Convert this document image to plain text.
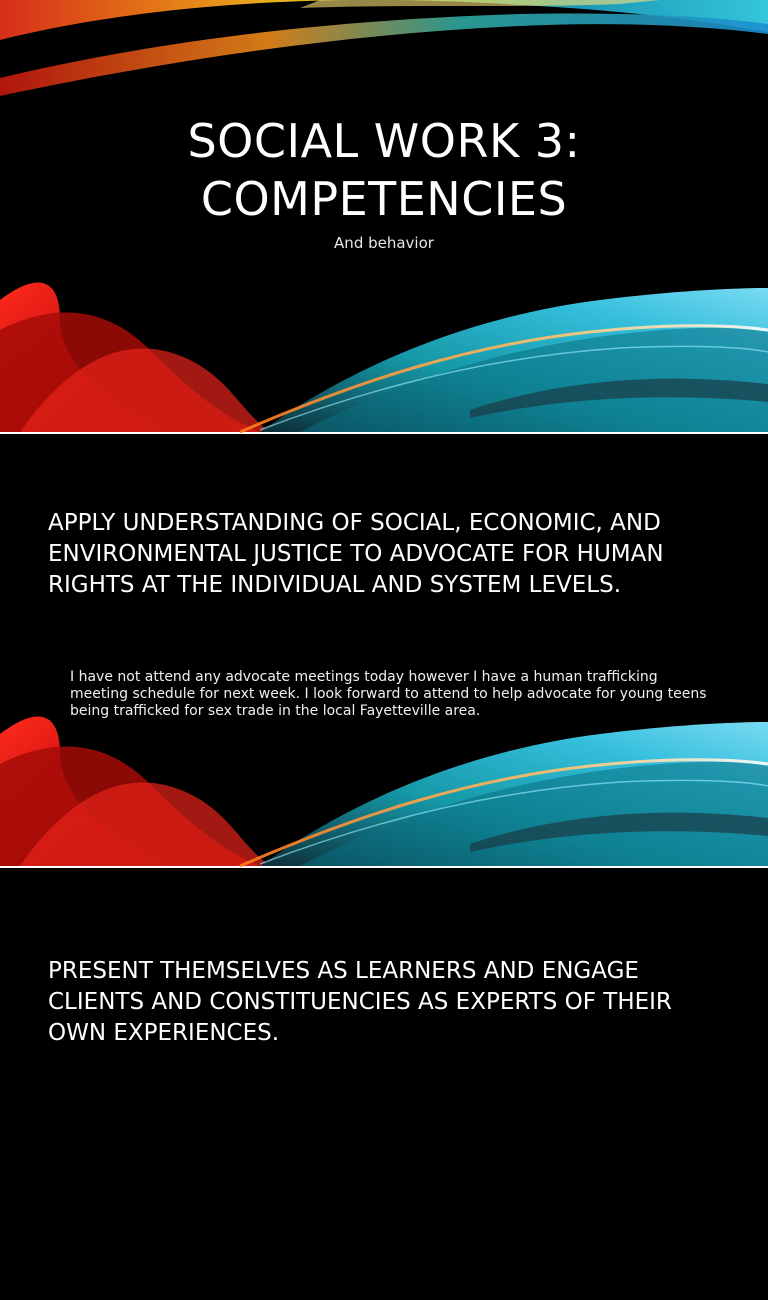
SOCIAL WORK 3: COMPETENCIES
And behavior
APPLY UNDERSTANDING OF SOCIAL, ECONOMIC, AND ENVIRONMENTAL JUSTICE TO ADVOCATE FOR HUMAN RIGHTS AT THE INDIVIDUAL AND SYSTEM LEVELS.

I have not attend any advocate meetings today however I have a human trafficking meeting schedule for next week. I look forward to attend to help advocate for young teens being trafficked for sex trade in the local Fayetteville area.

PRESENT THEMSELVES AS LEARNERS AND ENGAGE CLIENTS AND CONSTITUENCIES AS EXPERTS OF THEIR OWN EXPERIENCES.
